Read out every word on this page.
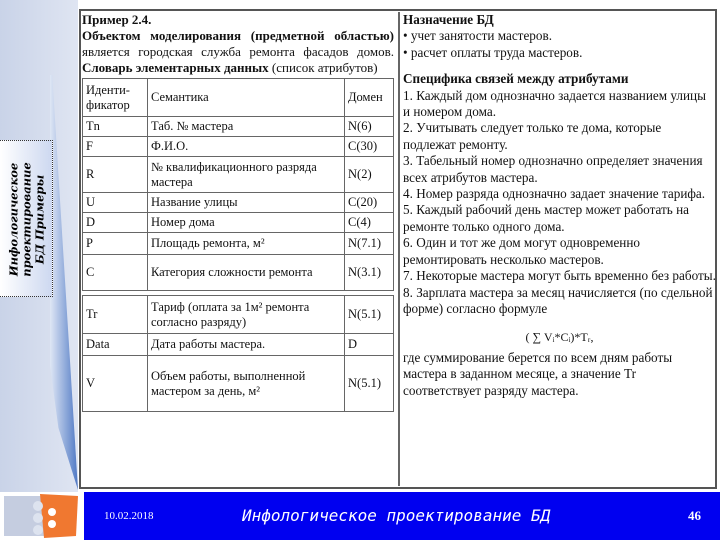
Инфологическое проектирование БД Примеры

Пример 2.4.

Объектом моделирования (предметной областью) является городская служба ремонта фасадов домов.

Словарь элементарных данных (список атрибутов)

Иденти-фикатор	Семантика	Домен
Tn	Таб. № мастера	N(6)
F	Ф.И.О.	C(30)
R	№ квалификационного разряда мастера	N(2)
U	Название улицы	C(20)
D	Номер дома	C(4)
P	Площадь ремонта, м²	N(7.1)
C	Категория сложности ремонта	N(3.1)

Tr	Тариф (оплата за 1м² ремонта согласно разряду)	N(5.1)
Data	Дата работы мастера.	D
V	Объем работы, выполненной мастером за день, м²	N(5.1)

Назначение БД

• учет занятости мастеров.

• расчет оплаты труда мастеров.

Специфика связей между атрибутами

1. Каждый дом однозначно задается названием улицы и номером дома.

2. Учитывать следует только те дома, которые подлежат ремонту.

3. Табельный номер однозначно определяет значения всех атрибутов мастера.

4. Номер разряда однозначно задает значение тарифа.

5. Каждый рабочий день мастер может работать на ремонте только одного дома.

6. Один и тот же дом могут одновременно ремонтировать несколько мастеров.

7. Некоторые мастера могут быть временно без работы.

8. Зарплата мастера за месяц начисляется (по сдельной форме) согласно формуле

( ∑ Vᵢ*Cᵢ)*Tᵣ,

где суммирование берется по всем дням работы мастера в заданном месяце, а значение Tr соответствует разряду мастера.

10.02.2018	Инфологическое проектирование БД	46
